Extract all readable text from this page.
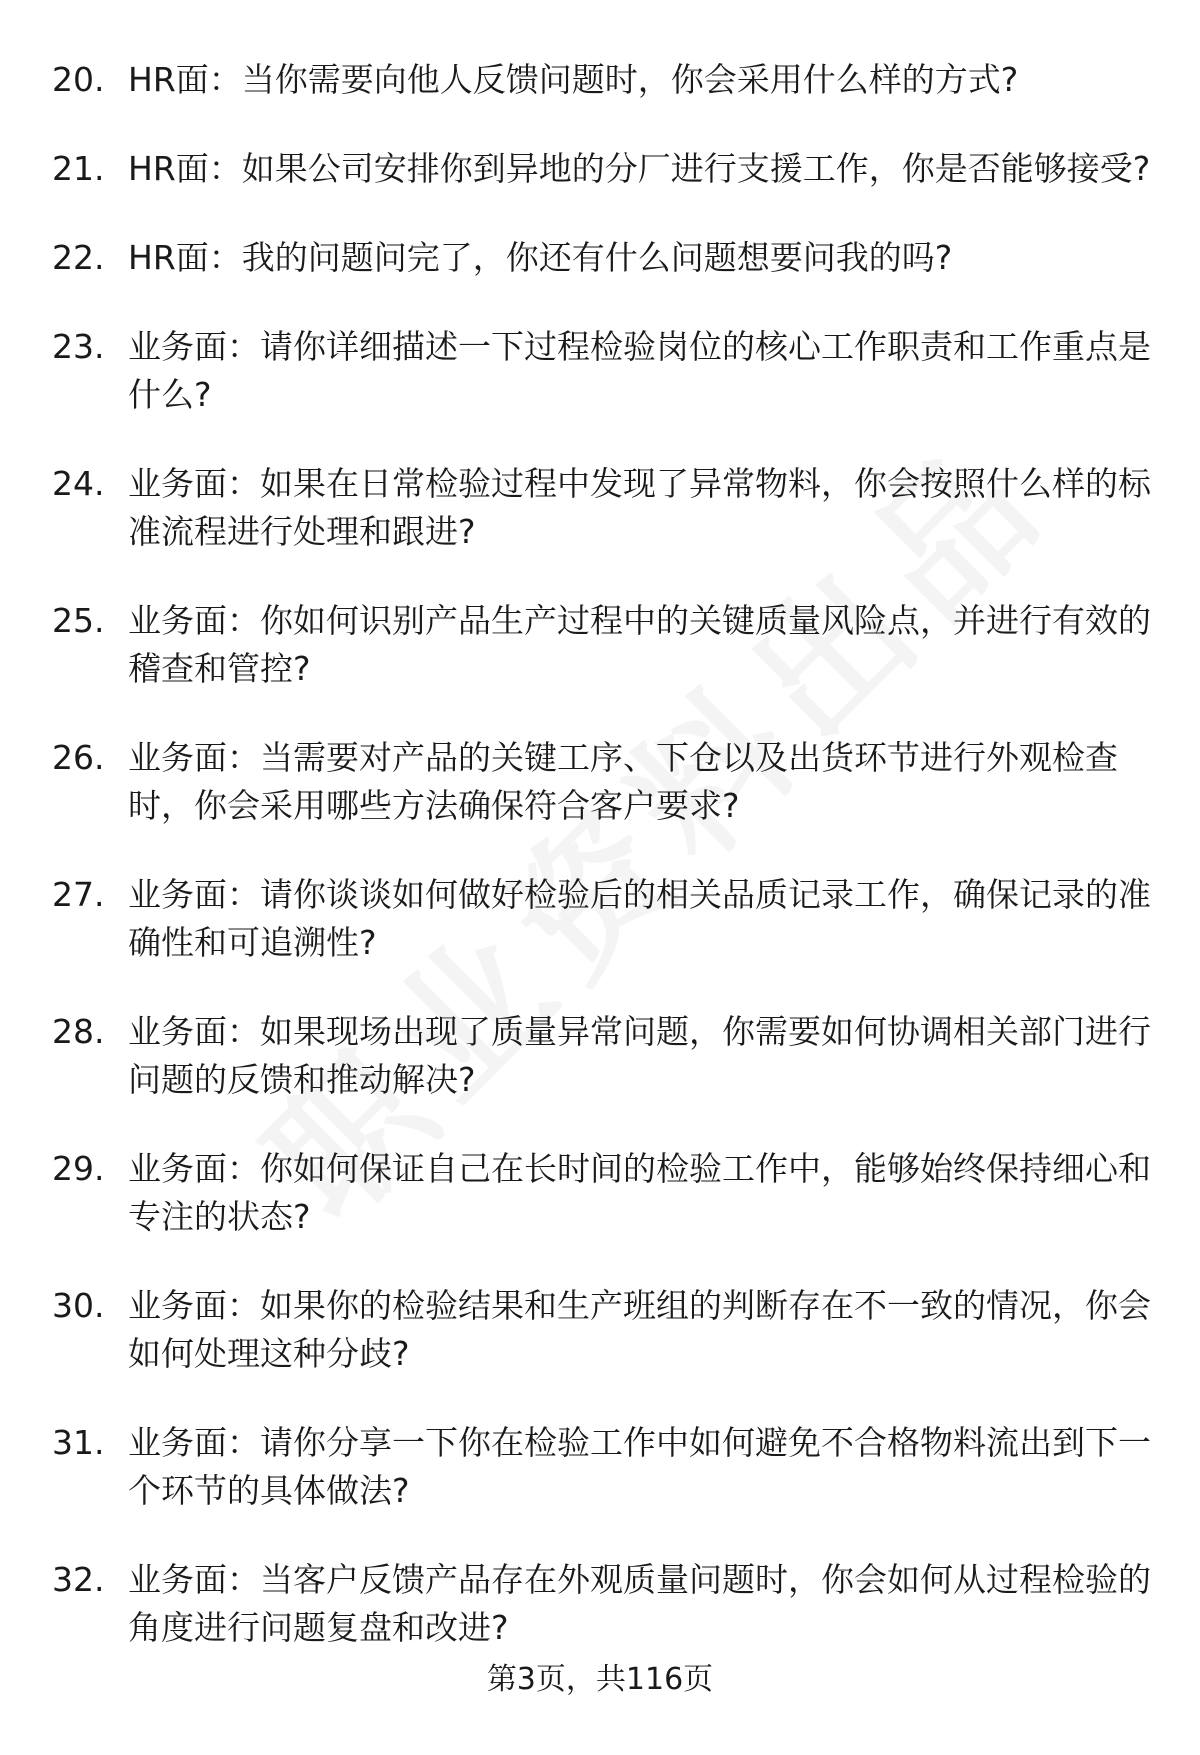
20. HR面：当你需要向他人反馈问题时，你会采用什么样的方式?
21. HR面：如果公司安排你到异地的分厂进行支援工作，你是否能够接受?
22. HR面：我的问题问完了，你还有什么问题想要问我的吗?
23. 业务面：请你详细描述一下过程检验岗位的核心工作职责和工作重点是什么?
24. 业务面：如果在日常检验过程中发现了异常物料，你会按照什么样的标准流程进行处理和跟进?
25. 业务面：你如何识别产品生产过程中的关键质量风险点，并进行有效的稽查和管控?
26. 业务面：当需要对产品的关键工序、下仓以及出货环节进行外观检查时，你会采用哪些方法确保符合客户要求?
27. 业务面：请你谈谈如何做好检验后的相关品质记录工作，确保记录的准确性和可追溯性?
28. 业务面：如果现场出现了质量异常问题，你需要如何协调相关部门进行问题的反馈和推动解决?
29. 业务面：你如何保证自己在长时间的检验工作中，能够始终保持细心和专注的状态?
30. 业务面：如果你的检验结果和生产班组的判断存在不一致的情况，你会如何处理这种分歧?
31. 业务面：请你分享一下你在检验工作中如何避免不合格物料流出到下一个环节的具体做法?
32. 业务面：当客户反馈产品存在外观质量问题时，你会如何从过程检验的角度进行问题复盘和改进?
第3页，共116页
